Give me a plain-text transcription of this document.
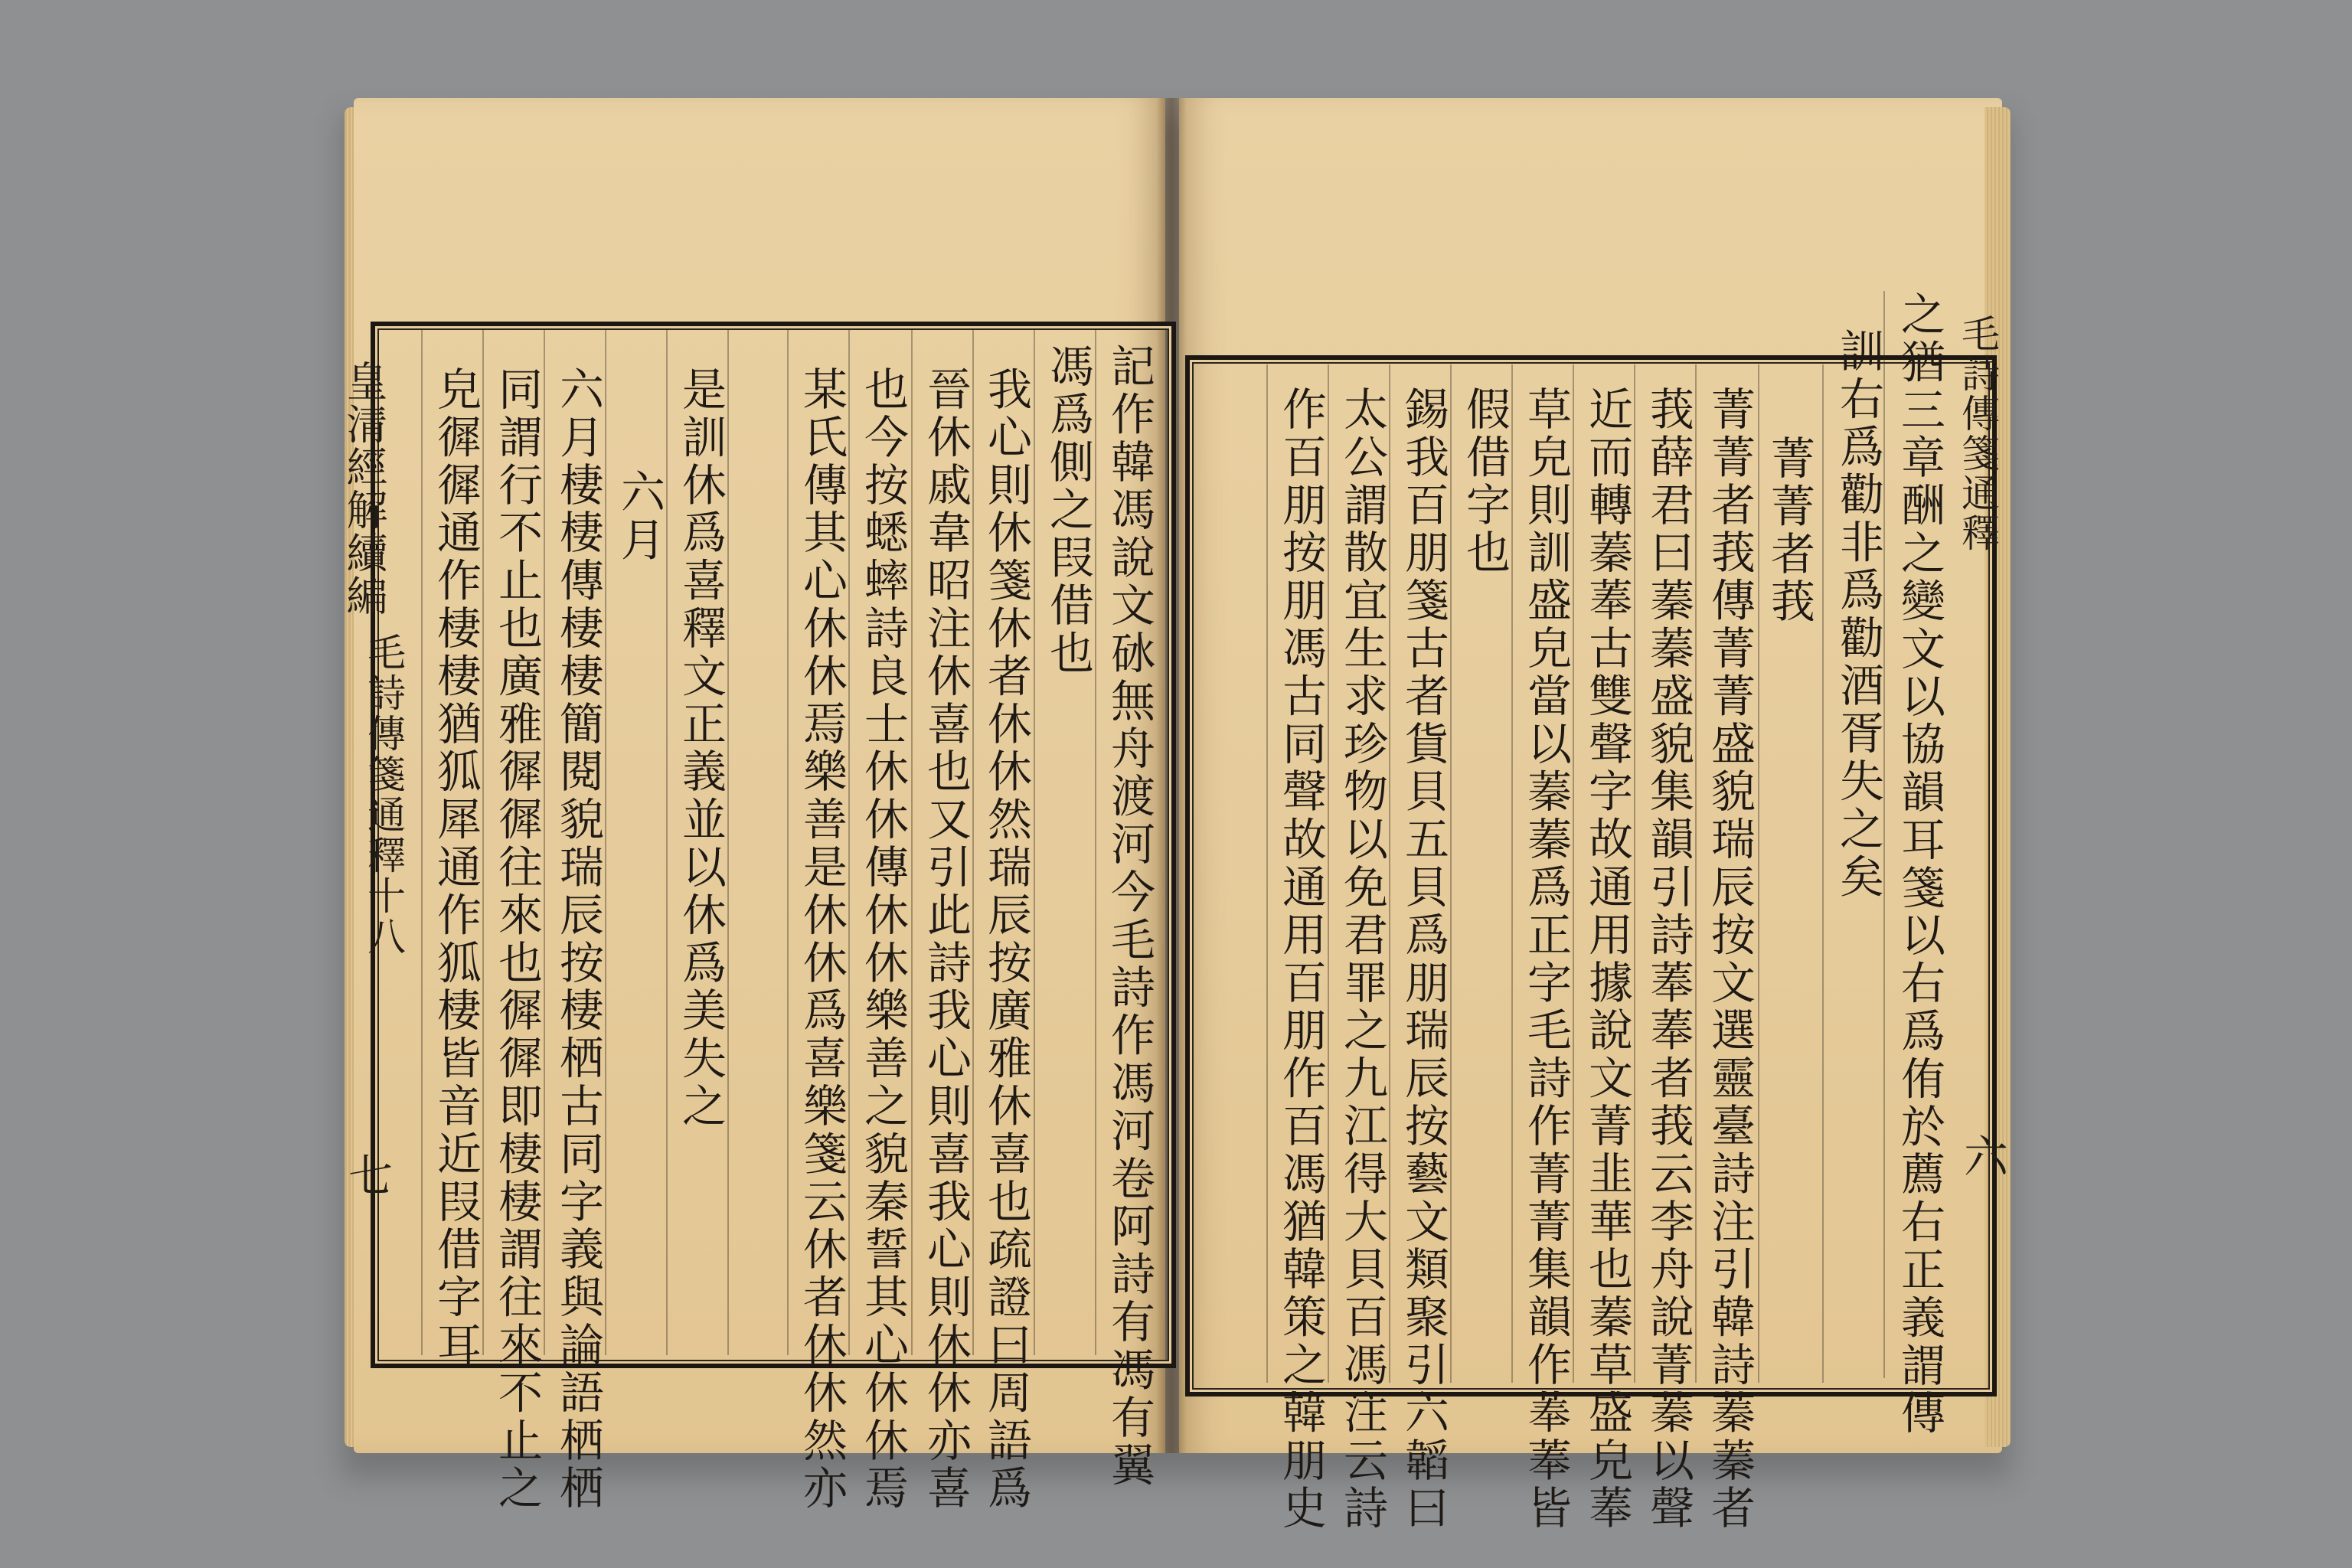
皇清經解續編
毛詩傳箋通釋十八
七	記作韓馮說文砅無舟渡河今毛詩作馮河卷阿詩有馮有翼
馮爲側之叚借也
六月	我心則休箋休者休休然瑞辰按廣雅休喜也疏證曰周語爲
晉休戚韋昭注休喜也又引此詩我心則喜我心則休休亦喜
也今按蟋蟀詩良士休休傳休休樂善之貌秦誓其心休休焉
某氏傳其心休休焉樂善是休休爲喜樂箋云休者休休然亦
是訓休爲喜釋文正義並以休爲美失之
六月棲棲傳棲棲簡閱貌瑞辰按棲栖古同字義與論語栖栖
同謂行不止也廣雅徲徲往來也徲徲即棲棲謂往來不止之
皃徲徲通作棲棲猶狐犀通作狐棲皆音近叚借字耳	毛詩傳箋通釋
六
之猶三章酬之變文以協韻耳箋以右爲侑於薦右正義謂傳
訓右爲勸非爲勸酒胥失之矣
菁菁者莪
菁菁者莪傳菁菁盛貌瑞辰按文選靈臺詩注引韓詩蓁蓁者
莪薛君曰蓁蓁盛貌集韻引詩菶菶者莪云李舟說菁蓁以聲
近而轉蓁菶古雙聲字故通用據說文菁韭華也蓁草盛皃菶
草皃則訓盛皃當以蓁蓁爲正字毛詩作菁菁集韻作菶菶皆
假借字也
錫我百朋箋古者貨貝五貝爲朋瑞辰按藝文類聚引六韜曰
太公謂散宜生求珍物以免君罪之九江得大貝百馮注云詩
作百朋按朋馮古同聲故通用百朋作百馮猶韓策之韓朋史
